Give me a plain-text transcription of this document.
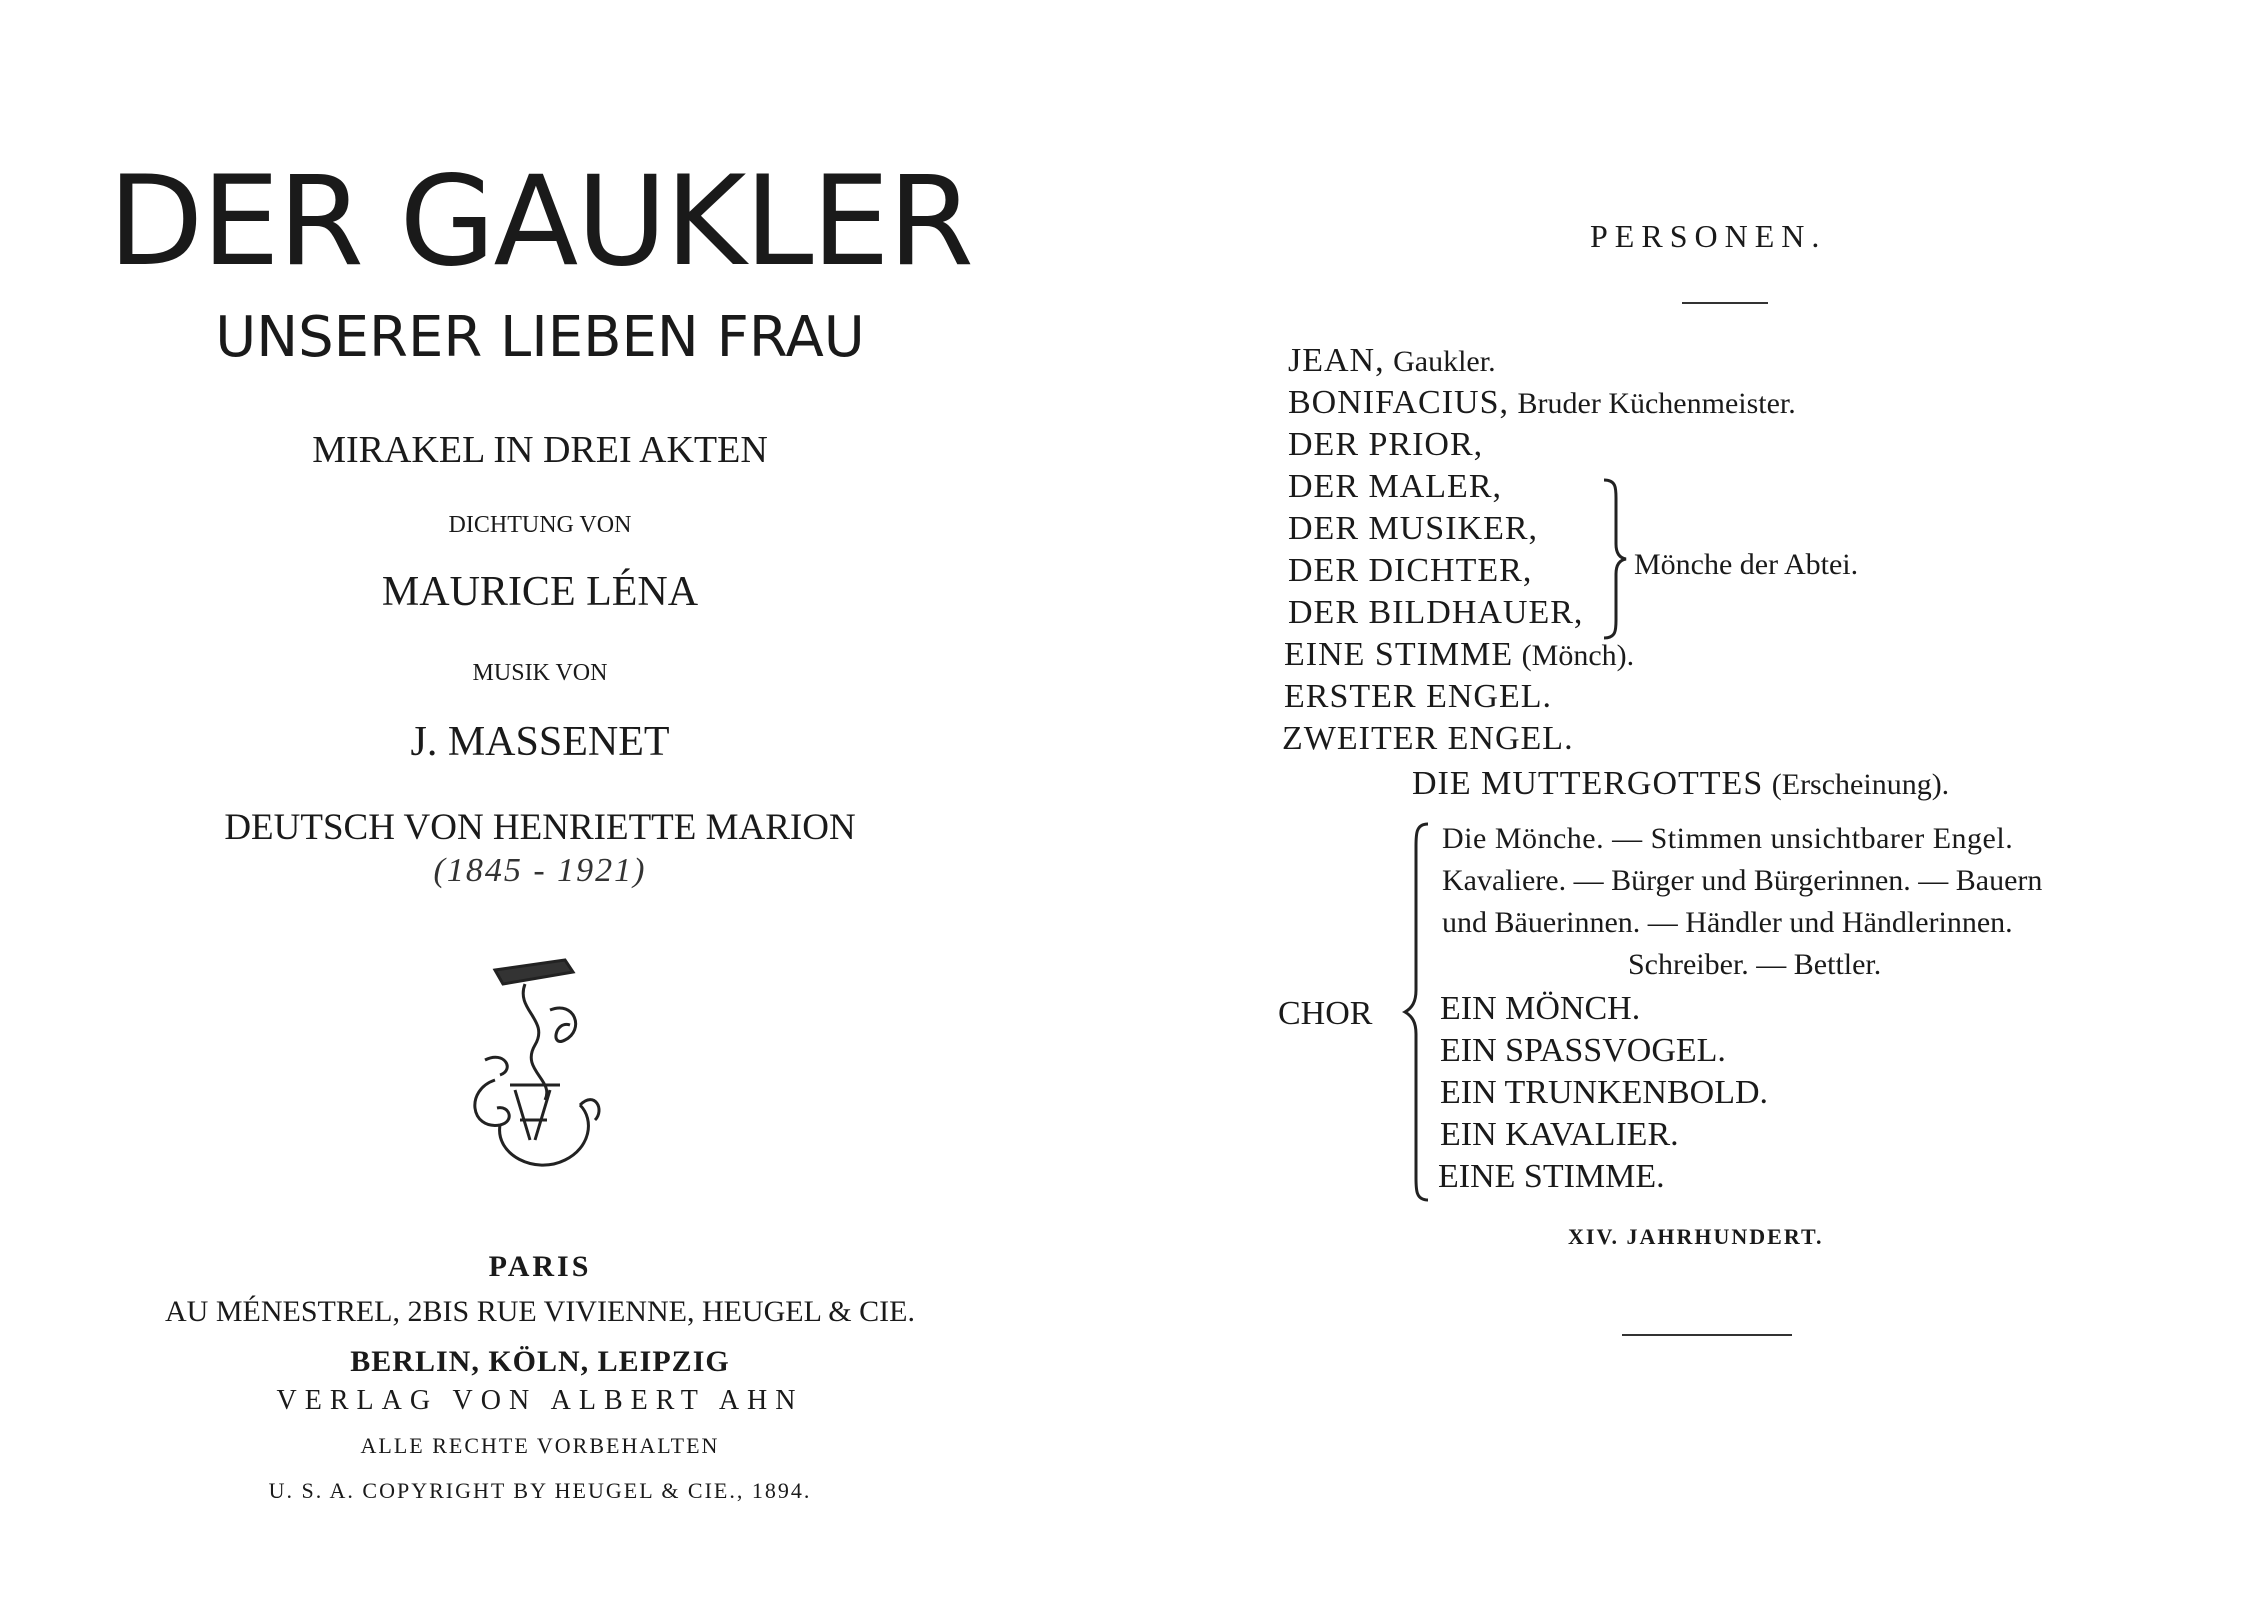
DER GAUKLER
UNSERER LIEBEN FRAU
MIRAKEL IN DREI AKTEN
DICHTUNG VON
MAURICE LÉNA
MUSIK VON
J. MASSENET
DEUTSCH VON HENRIETTE MARION
(1845 - 1921)
PARIS
AU MÉNESTREL, 2BIS RUE VIVIENNE, HEUGEL & CIE.
BERLIN, KÖLN, LEIPZIG
VERLAG VON ALBERT AHN
ALLE RECHTE VORBEHALTEN
U. S. A. COPYRIGHT BY HEUGEL & CIE., 1894.
PERSONEN.
JEAN, Gaukler.
BONIFACIUS, Bruder Küchenmeister.
DER PRIOR,
DER MALER,
DER MUSIKER,
DER DICHTER,
DER BILDHAUER,
Mönche der Abtei.
EINE STIMME (Mönch).
ERSTER ENGEL.
ZWEITER ENGEL.
DIE MUTTERGOTTES (Erscheinung).
CHOR
Die Mönche. — Stimmen unsichtbarer Engel.
Kavaliere. — Bürger und Bürgerinnen. — Bauern
und Bäuerinnen. — Händler und Händlerinnen.
Schreiber. — Bettler.
EIN MÖNCH.
EIN SPASSVOGEL.
EIN TRUNKENBOLD.
EIN KAVALIER.
EINE STIMME.
XIV. JAHRHUNDERT.
